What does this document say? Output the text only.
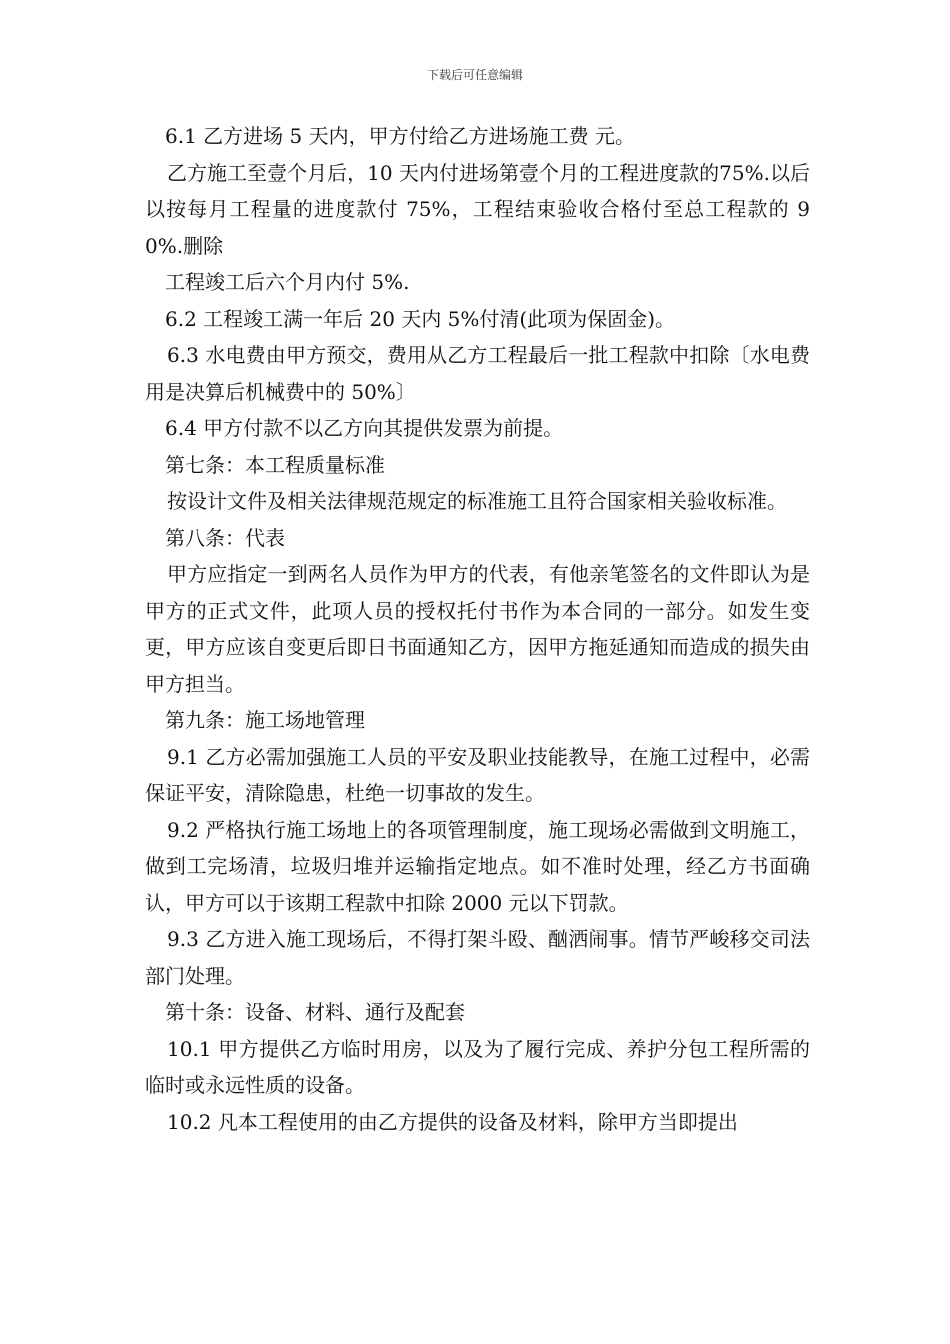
下载后可任意编辑

6.1 乙方进场 5 天内，甲方付给乙方进场施工费 元。

乙方施工至壹个月后，10 天内付进场第壹个月的工程进度款的75%.以后以按每月工程量的进度款付 75%，工程结束验收合格付至总工程款的 90%.删除

工程竣工后六个月内付 5%.

6.2 工程竣工满一年后 20 天内 5%付清(此项为保固金)。

6.3 水电费由甲方预交，费用从乙方工程最后一批工程款中扣除〔水电费用是决算后机械费中的 50%〕

6.4 甲方付款不以乙方向其提供发票为前提。

第七条：本工程质量标准

按设计文件及相关法律规范规定的标准施工且符合国家相关验收标准。

第八条：代表

甲方应指定一到两名人员作为甲方的代表，有他亲笔签名的文件即认为是甲方的正式文件，此项人员的授权托付书作为本合同的一部分。如发生变更，甲方应该自变更后即日书面通知乙方，因甲方拖延通知而造成的损失由甲方担当。

第九条：施工场地管理

9.1 乙方必需加强施工人员的平安及职业技能教导，在施工过程中，必需保证平安，清除隐患，杜绝一切事故的发生。

9.2 严格执行施工场地上的各项管理制度，施工现场必需做到文明施工，做到工完场清，垃圾归堆并运输指定地点。如不准时处理，经乙方书面确认，甲方可以于该期工程款中扣除 2000 元以下罚款。

9.3 乙方进入施工现场后，不得打架斗殴、酗洒闹事。情节严峻移交司法部门处理。

第十条：设备、材料、通行及配套

10.1 甲方提供乙方临时用房，以及为了履行完成、养护分包工程所需的临时或永远性质的设备。

10.2 凡本工程使用的由乙方提供的设备及材料，除甲方当即提出
